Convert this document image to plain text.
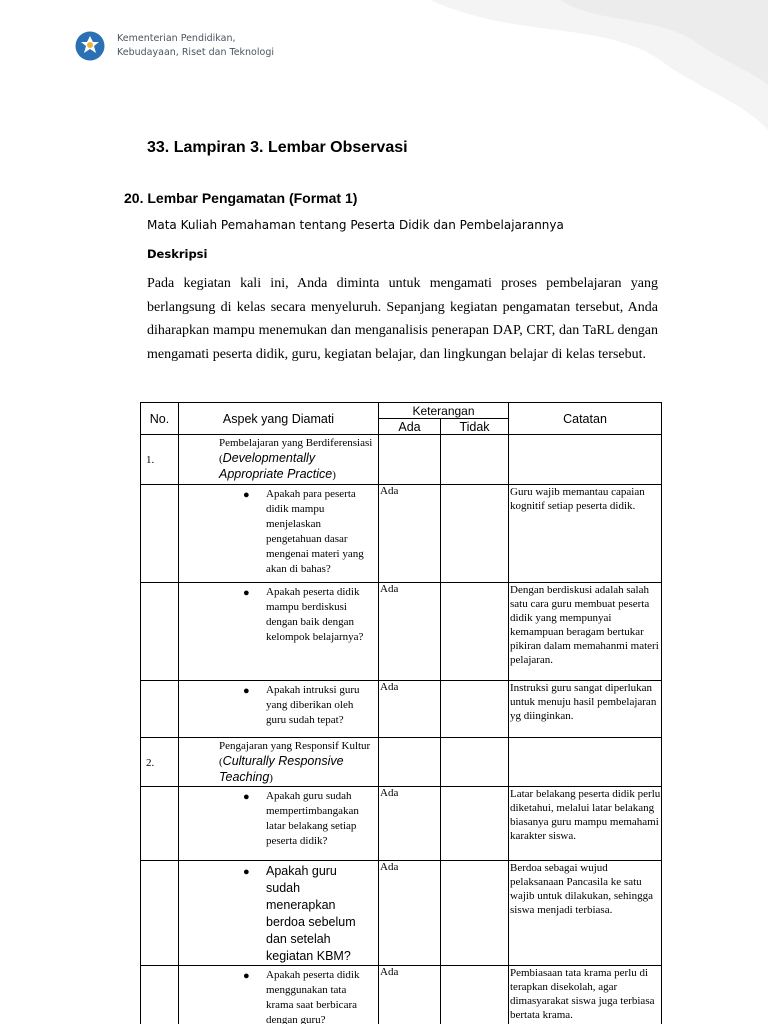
Kementerian Pendidikan,
Kebudayaan, Riset dan Teknologi
33. Lampiran 3. Lembar Observasi
20. Lembar Pengamatan (Format 1)
Mata Kuliah Pemahaman tentang Peserta Didik dan Pembelajarannya
Deskripsi
Pada kegiatan kali ini, Anda diminta untuk mengamati proses pembelajaran yang berlangsung di kelas secara menyeluruh. Sepanjang kegiatan pengamatan tersebut, Anda diharapkan mampu menemukan dan menganalisis penerapan DAP, CRT, dan TaRL dengan mengamati peserta didik, guru, kegiatan belajar, dan lingkungan belajar di kelas tersebut.
No.	Aspek yang Diamati	Keterangan		Catatan
		Ada	Tidak	
1.	Pembelajaran yang Berdiferensiasi (Developmentally Appropriate Practice)			

	● Apakah para peserta didik mampu menjelaskan pengetahuan dasar mengenai materi yang akan di bahas?	Ada		Guru wajib memantau capaian kognitif setiap peserta didik.

	● Apakah peserta didik mampu berdiskusi dengan baik dengan kelompok belajarnya?	Ada		Dengan berdiskusi adalah salah satu cara guru membuat peserta didik yang mempunyai kemampuan beragam bertukar pikiran dalam memahanmi materi pelajaran.

	● Apakah intruksi guru yang diberikan oleh guru sudah tepat?	Ada		Instruksi guru sangat diperlukan untuk menuju hasil pembelajaran yg diinginkan.
2.	Pengajaran yang Responsif Kultur (Culturally Responsive Teaching)			

	● Apakah guru sudah mempertimbangakan latar belakang setiap peserta didik?	Ada		Latar belakang peserta didik perlu diketahui, melalui latar belakang biasanya guru mampu memahami karakter siswa.

	● Apakah guru sudah menerapkan berdoa sebelum dan setelah kegiatan KBM?	Ada		Berdoa sebagai wujud pelaksanaan Pancasila ke satu wajib untuk dilakukan, sehingga siswa menjadi terbiasa.

	● Apakah peserta didik menggunakan tata krama saat berbicara dengan guru?	Ada		Pembiasaan tata krama perlu di terapkan disekolah, agar dimasyarakat siswa juga terbiasa bertata krama.
